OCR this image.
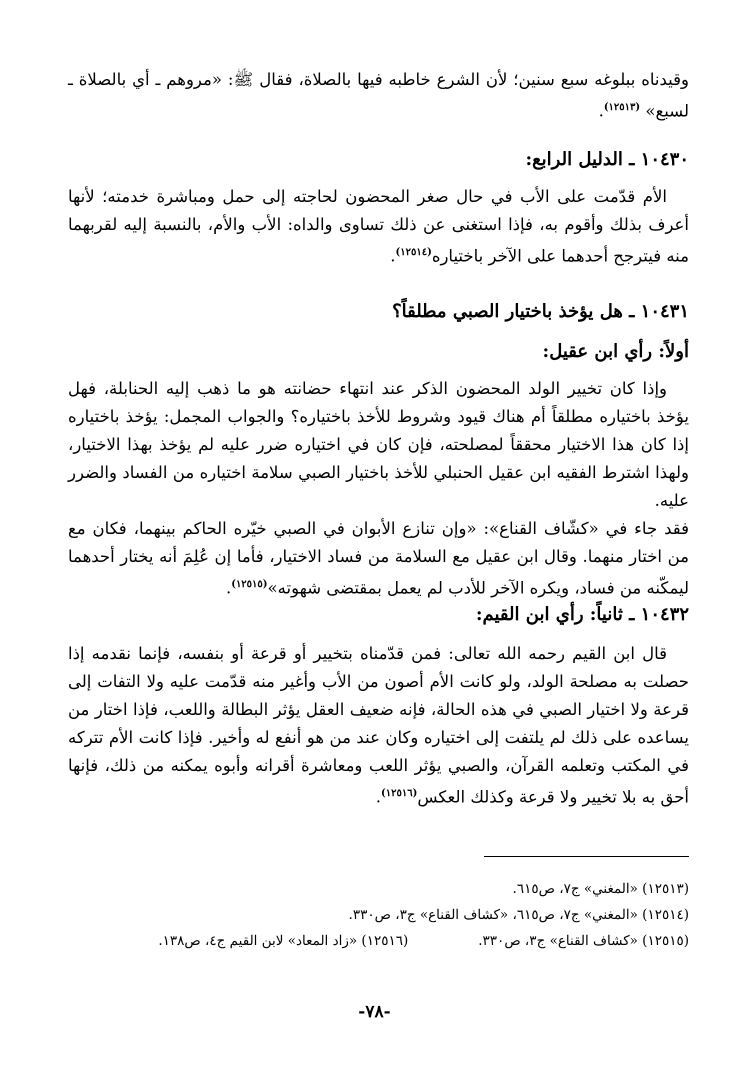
وقيدناه ببلوغه سبع سنين؛ لأن الشرع خاطبه فيها بالصلاة، فقال ﷺ: «مروهم ـ أي بالصلاة ـ لسبع» $^{(١٢٥١٣)}$.

١٠٤٣٠ ـ الدليل الرابع:

الأم قدّمت على الأب في حال صغر المحضون لحاجته إلى حمل ومباشرة خدمته؛ لأنها أعرف بذلك وأقوم به، فإذا استغنى عن ذلك تساوى والداه: الأب والأم، بالنسبة إليه لقربهما منه فيترجح أحدهما على الآخر باختياره$^{(١٢٥١٤)}$.

١٠٤٣١ ـ هل يؤخذ باختيار الصبي مطلقاً؟
أولاً: رأي ابن عقيل:

وإذا كان تخيير الولد المحضون الذكر عند انتهاء حضانته هو ما ذهب إليه الحنابلة، فهل يؤخذ باختياره مطلقاً أم هناك قيود وشروط للأخذ باختياره؟ والجواب المجمل: يؤخذ باختياره إذا كان هذا الاختيار محققاً لمصلحته، فإن كان في اختياره ضرر عليه لم يؤخذ بهذا الاختيار، ولهذا اشترط الفقيه ابن عقيل الحنبلي للأخذ باختيار الصبي سلامة اختياره من الفساد والضرر عليه.

فقد جاء في «كشّاف القناع»: «وإن تنازع الأبوان في الصبي خيّره الحاكم بينهما، فكان مع من اختار منهما. وقال ابن عقيل مع السلامة من فساد الاختيار، فأما إن عُلِمَ أنه يختار أحدهما ليمكّنه من فساد، ويكره الآخر للأدب لم يعمل بمقتضى شهوته»$^{(١٢٥١٥)}$.

١٠٤٣٢ ـ ثانياً: رأي ابن القيم:

قال ابن القيم رحمه الله تعالى: فمن قدّمناه بتخيير أو قرعة أو بنفسه، فإنما نقدمه إذا حصلت به مصلحة الولد، ولو كانت الأم أصون من الأب وأغير منه قدّمت عليه ولا التفات إلى قرعة ولا اختيار الصبي في هذه الحالة، فإنه ضعيف العقل يؤثر البطالة واللعب، فإذا اختار من يساعده على ذلك لم يلتفت إلى اختياره وكان عند من هو أنفع له وأخير. فإذا كانت الأم تتركه في المكتب وتعلمه القرآن، والصبي يؤثر اللعب ومعاشرة أقرانه وأبوه يمكنه من ذلك، فإنها أحق به بلا تخيير ولا قرعة وكذلك العكس$^{(١٢٥١٦)}$.

(١٢٥١٣) «المغني» ج٧، ص٦١٥.
(١٢٥١٤) «المغني» ج٧، ص٦١٥، «كشاف القناع» ج٣، ص٣٣٠.
(١٢٥١٥) «كشاف القناع» ج٣، ص٣٣٠.(١٢٥١٦) «زاد المعاد» لابن القيم ج٤، ص١٣٨.
-٧٨-
